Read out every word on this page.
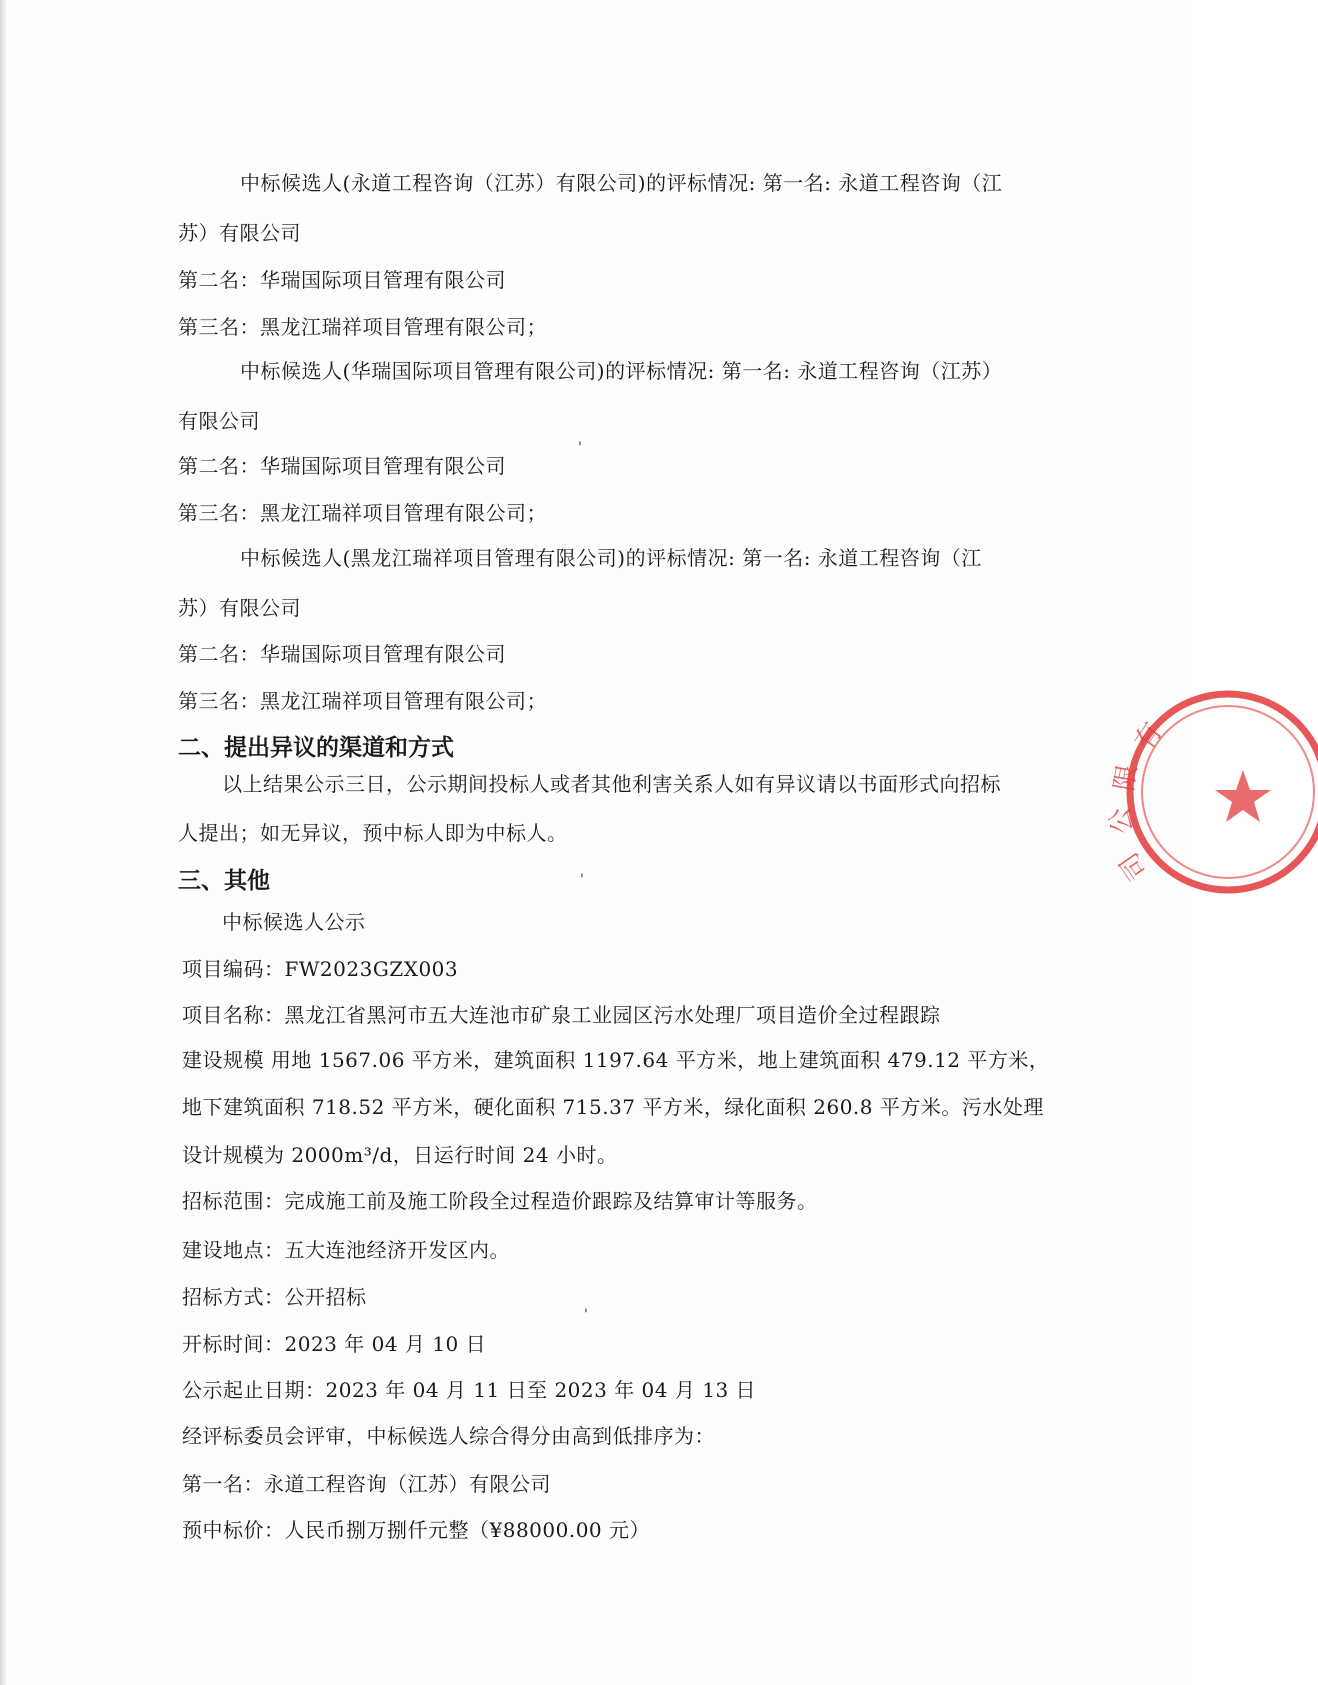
中标候选人(永道工程咨询（江苏）有限公司)的评标情况: 第一名: 永道工程咨询（江
苏）有限公司
第二名：华瑞国际项目管理有限公司
第三名：黑龙江瑞祥项目管理有限公司；
中标候选人(华瑞国际项目管理有限公司)的评标情况: 第一名: 永道工程咨询（江苏）
有限公司
第二名：华瑞国际项目管理有限公司
第三名：黑龙江瑞祥项目管理有限公司；
中标候选人(黑龙江瑞祥项目管理有限公司)的评标情况: 第一名: 永道工程咨询（江
苏）有限公司
第二名：华瑞国际项目管理有限公司
第三名：黑龙江瑞祥项目管理有限公司；
二、提出异议的渠道和方式
以上结果公示三日，公示期间投标人或者其他利害关系人如有异议请以书面形式向招标
人提出；如无异议，预中标人即为中标人。
三、其他
中标候选人公示
项目编码：FW2023GZX003
项目名称：黑龙江省黑河市五大连池市矿泉工业园区污水处理厂项目造价全过程跟踪
建设规模 用地 1567.06 平方米，建筑面积 1197.64 平方米，地上建筑面积 479.12 平方米，
地下建筑面积 718.52 平方米，硬化面积 715.37 平方米，绿化面积 260.8 平方米。污水处理
设计规模为 2000m³/d，日运行时间 24 小时。
招标范围：完成施工前及施工阶段全过程造价跟踪及结算审计等服务。
建设地点：五大连池经济开发区内。
招标方式：公开招标
开标时间：2023 年 04 月 10 日
公示起止日期：2023 年 04 月 11 日至 2023 年 04 月 13 日
经评标委员会评审，中标候选人综合得分由高到低排序为：
第一名：永道工程咨询（江苏）有限公司
预中标价：人民币捌万捌仟元整（¥88000.00 元）
'
'
'
有
限
公
司
